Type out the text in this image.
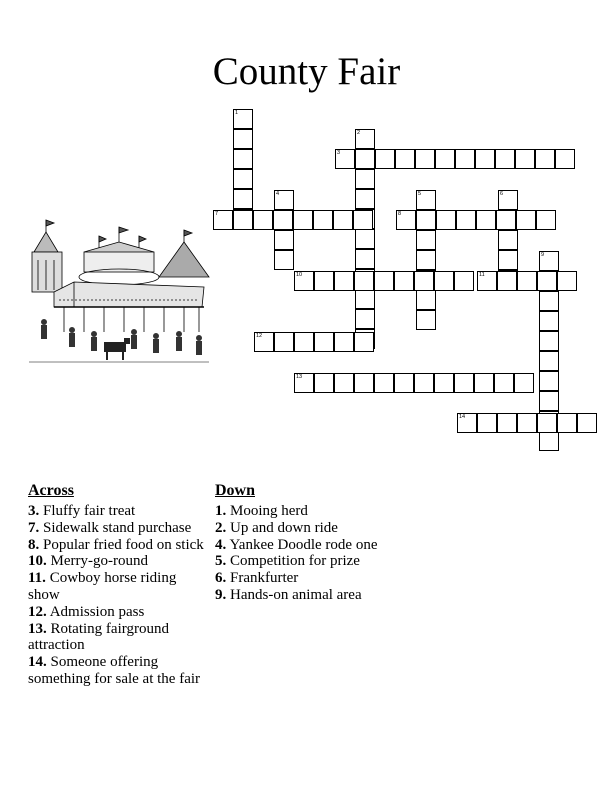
County Fair
1
2
3
4	5	6
7	8
9
10	11
12
13
14
Across
3. Fluffy fair treat
7. Sidewalk stand purchase
8. Popular fried food on stick
10. Merry-go-round
11. Cowboy horse riding show
12. Admission pass
13. Rotating fairground attraction
14. Someone offering something for sale at the fair
Down
1. Mooing herd
2. Up and down ride
4. Yankee Doodle rode one
5. Competition for prize
6. Frankfurter
9. Hands-on animal area
